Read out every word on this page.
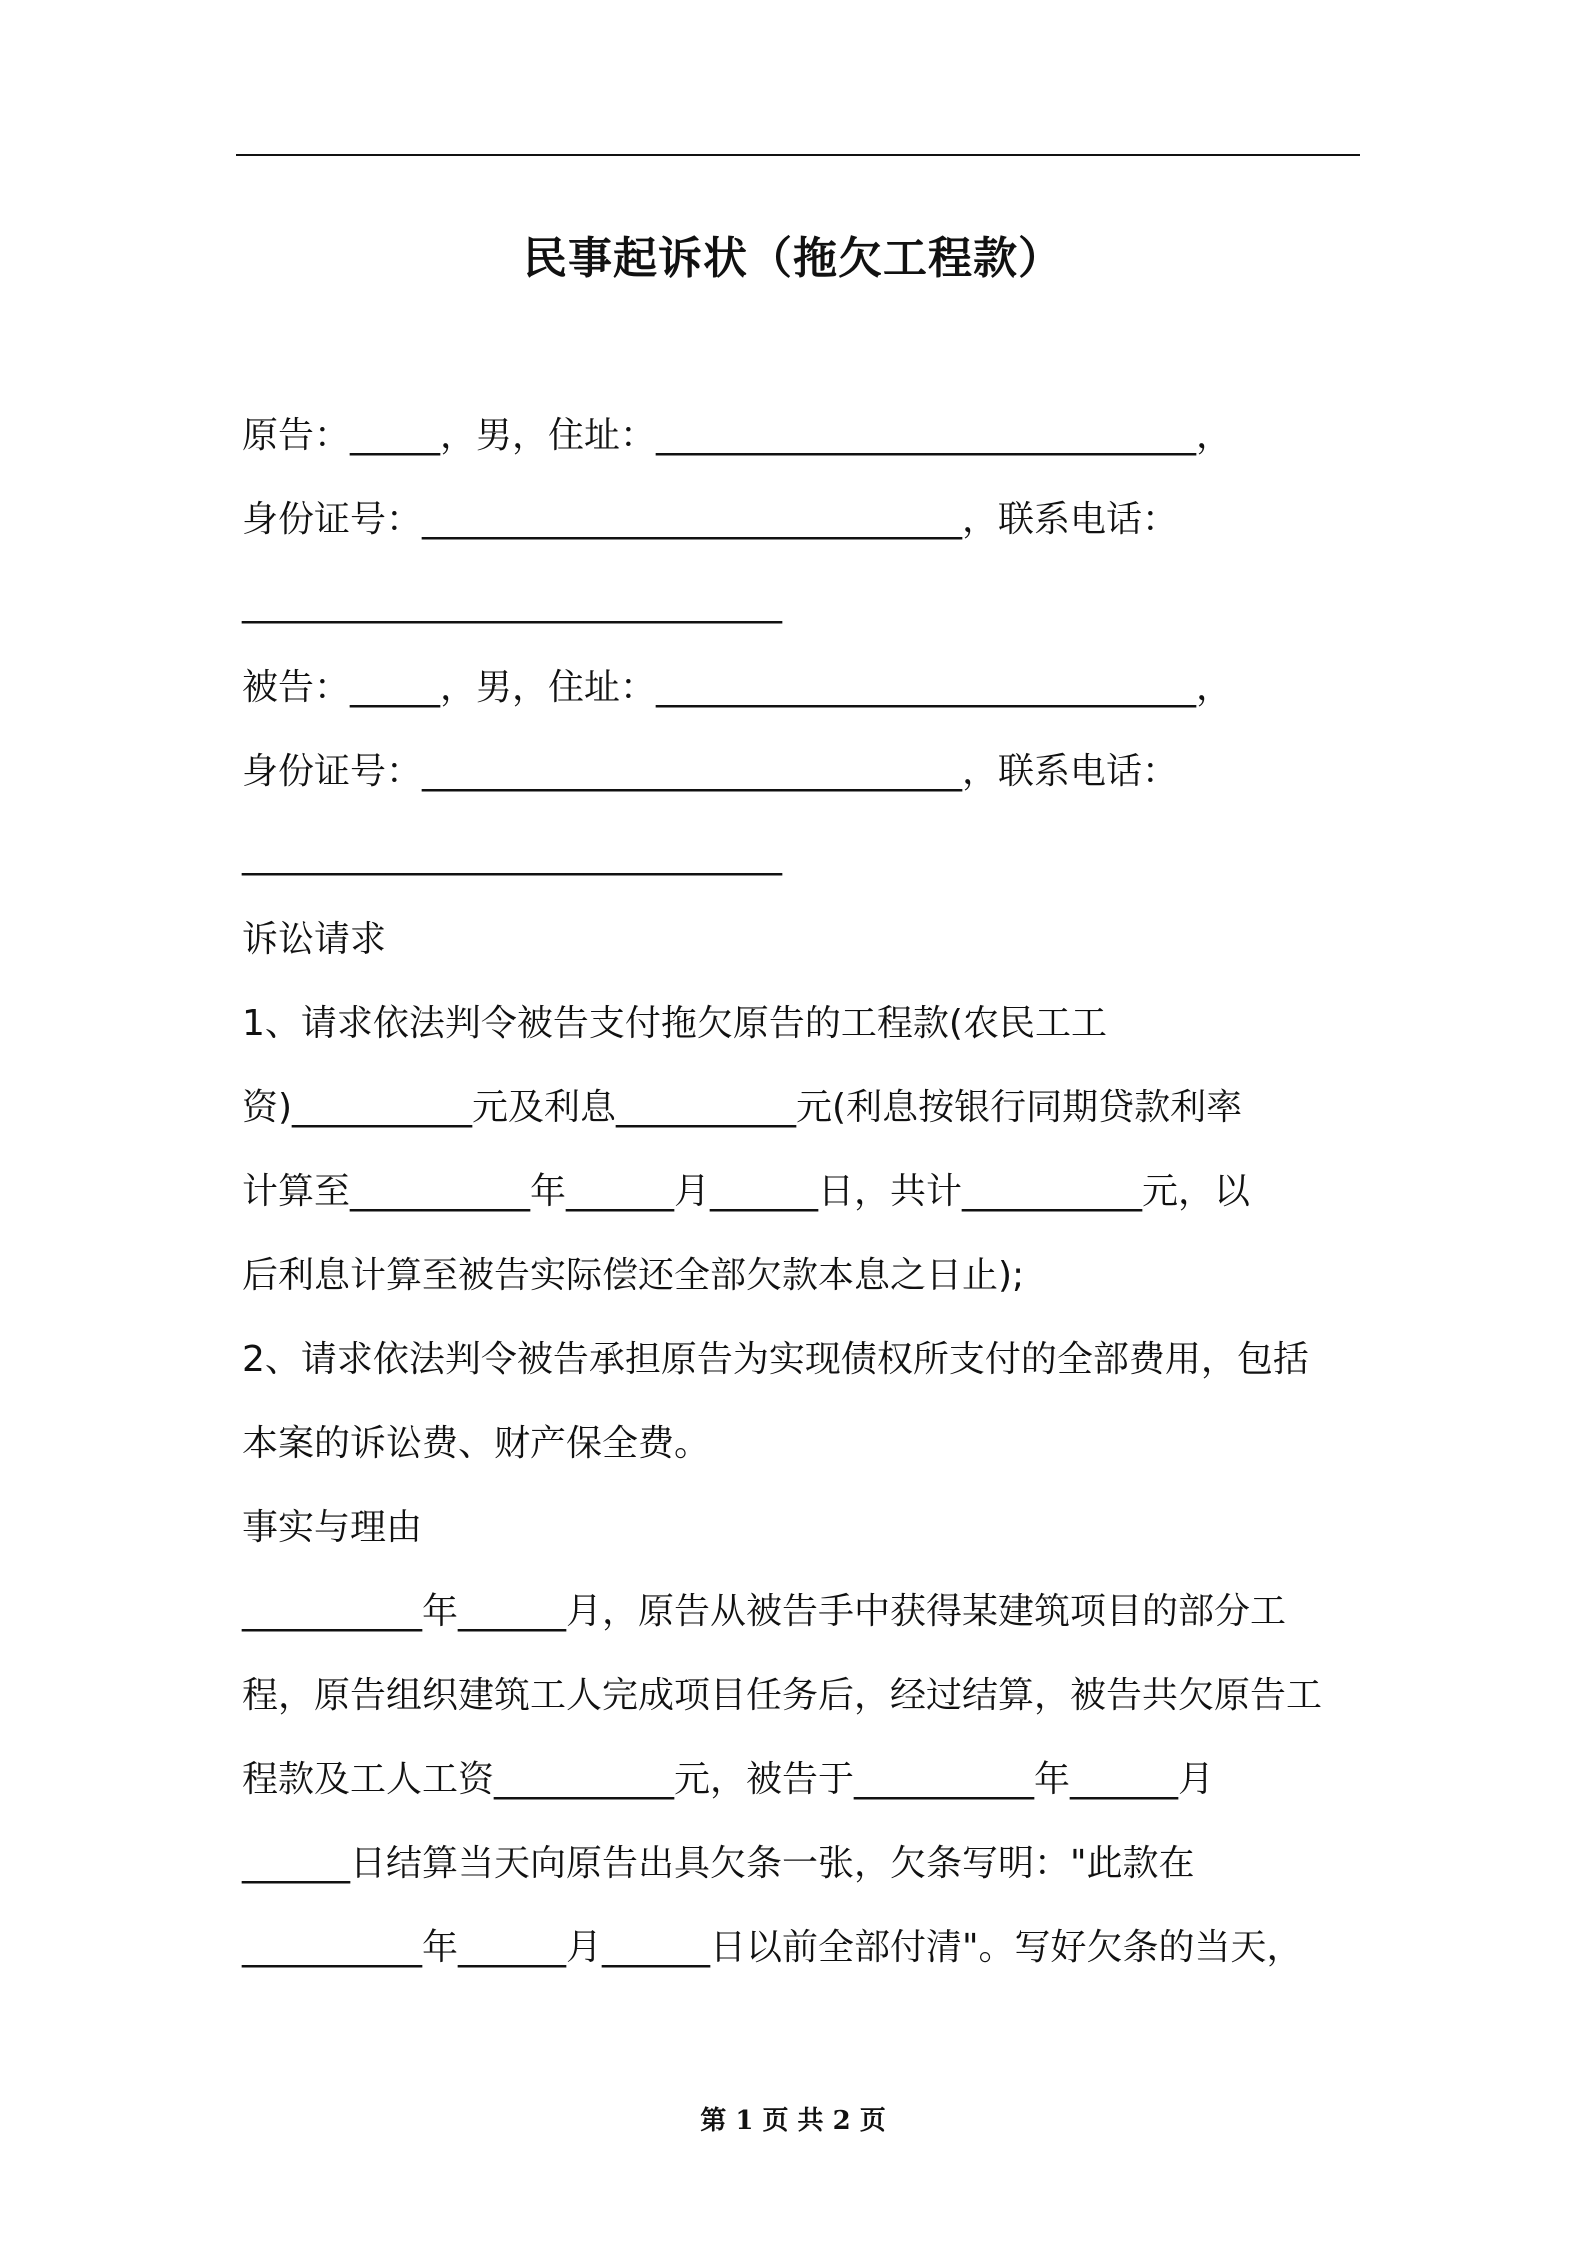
民事起诉状（拖欠工程款）
原告：_____，男，住址：______________________________，
身份证号：______________________________，联系电话：
______________________________
被告：_____，男，住址：______________________________，
身份证号：______________________________，联系电话：
______________________________
诉讼请求
1、请求依法判令被告支付拖欠原告的工程款(农民工工
资)__________元及利息__________元(利息按银行同期贷款利率
计算至__________年______月______日，共计__________元，以
后利息计算至被告实际偿还全部欠款本息之日止);
2、请求依法判令被告承担原告为实现债权所支付的全部费用，包括
本案的诉讼费、财产保全费。
事实与理由
__________年______月，原告从被告手中获得某建筑项目的部分工
程，原告组织建筑工人完成项目任务后，经过结算，被告共欠原告工
程款及工人工资__________元，被告于__________年______月
______日结算当天向原告出具欠条一张，欠条写明："此款在
__________年______月______日以前全部付清"。写好欠条的当天，
第 1 页 共 2 页
